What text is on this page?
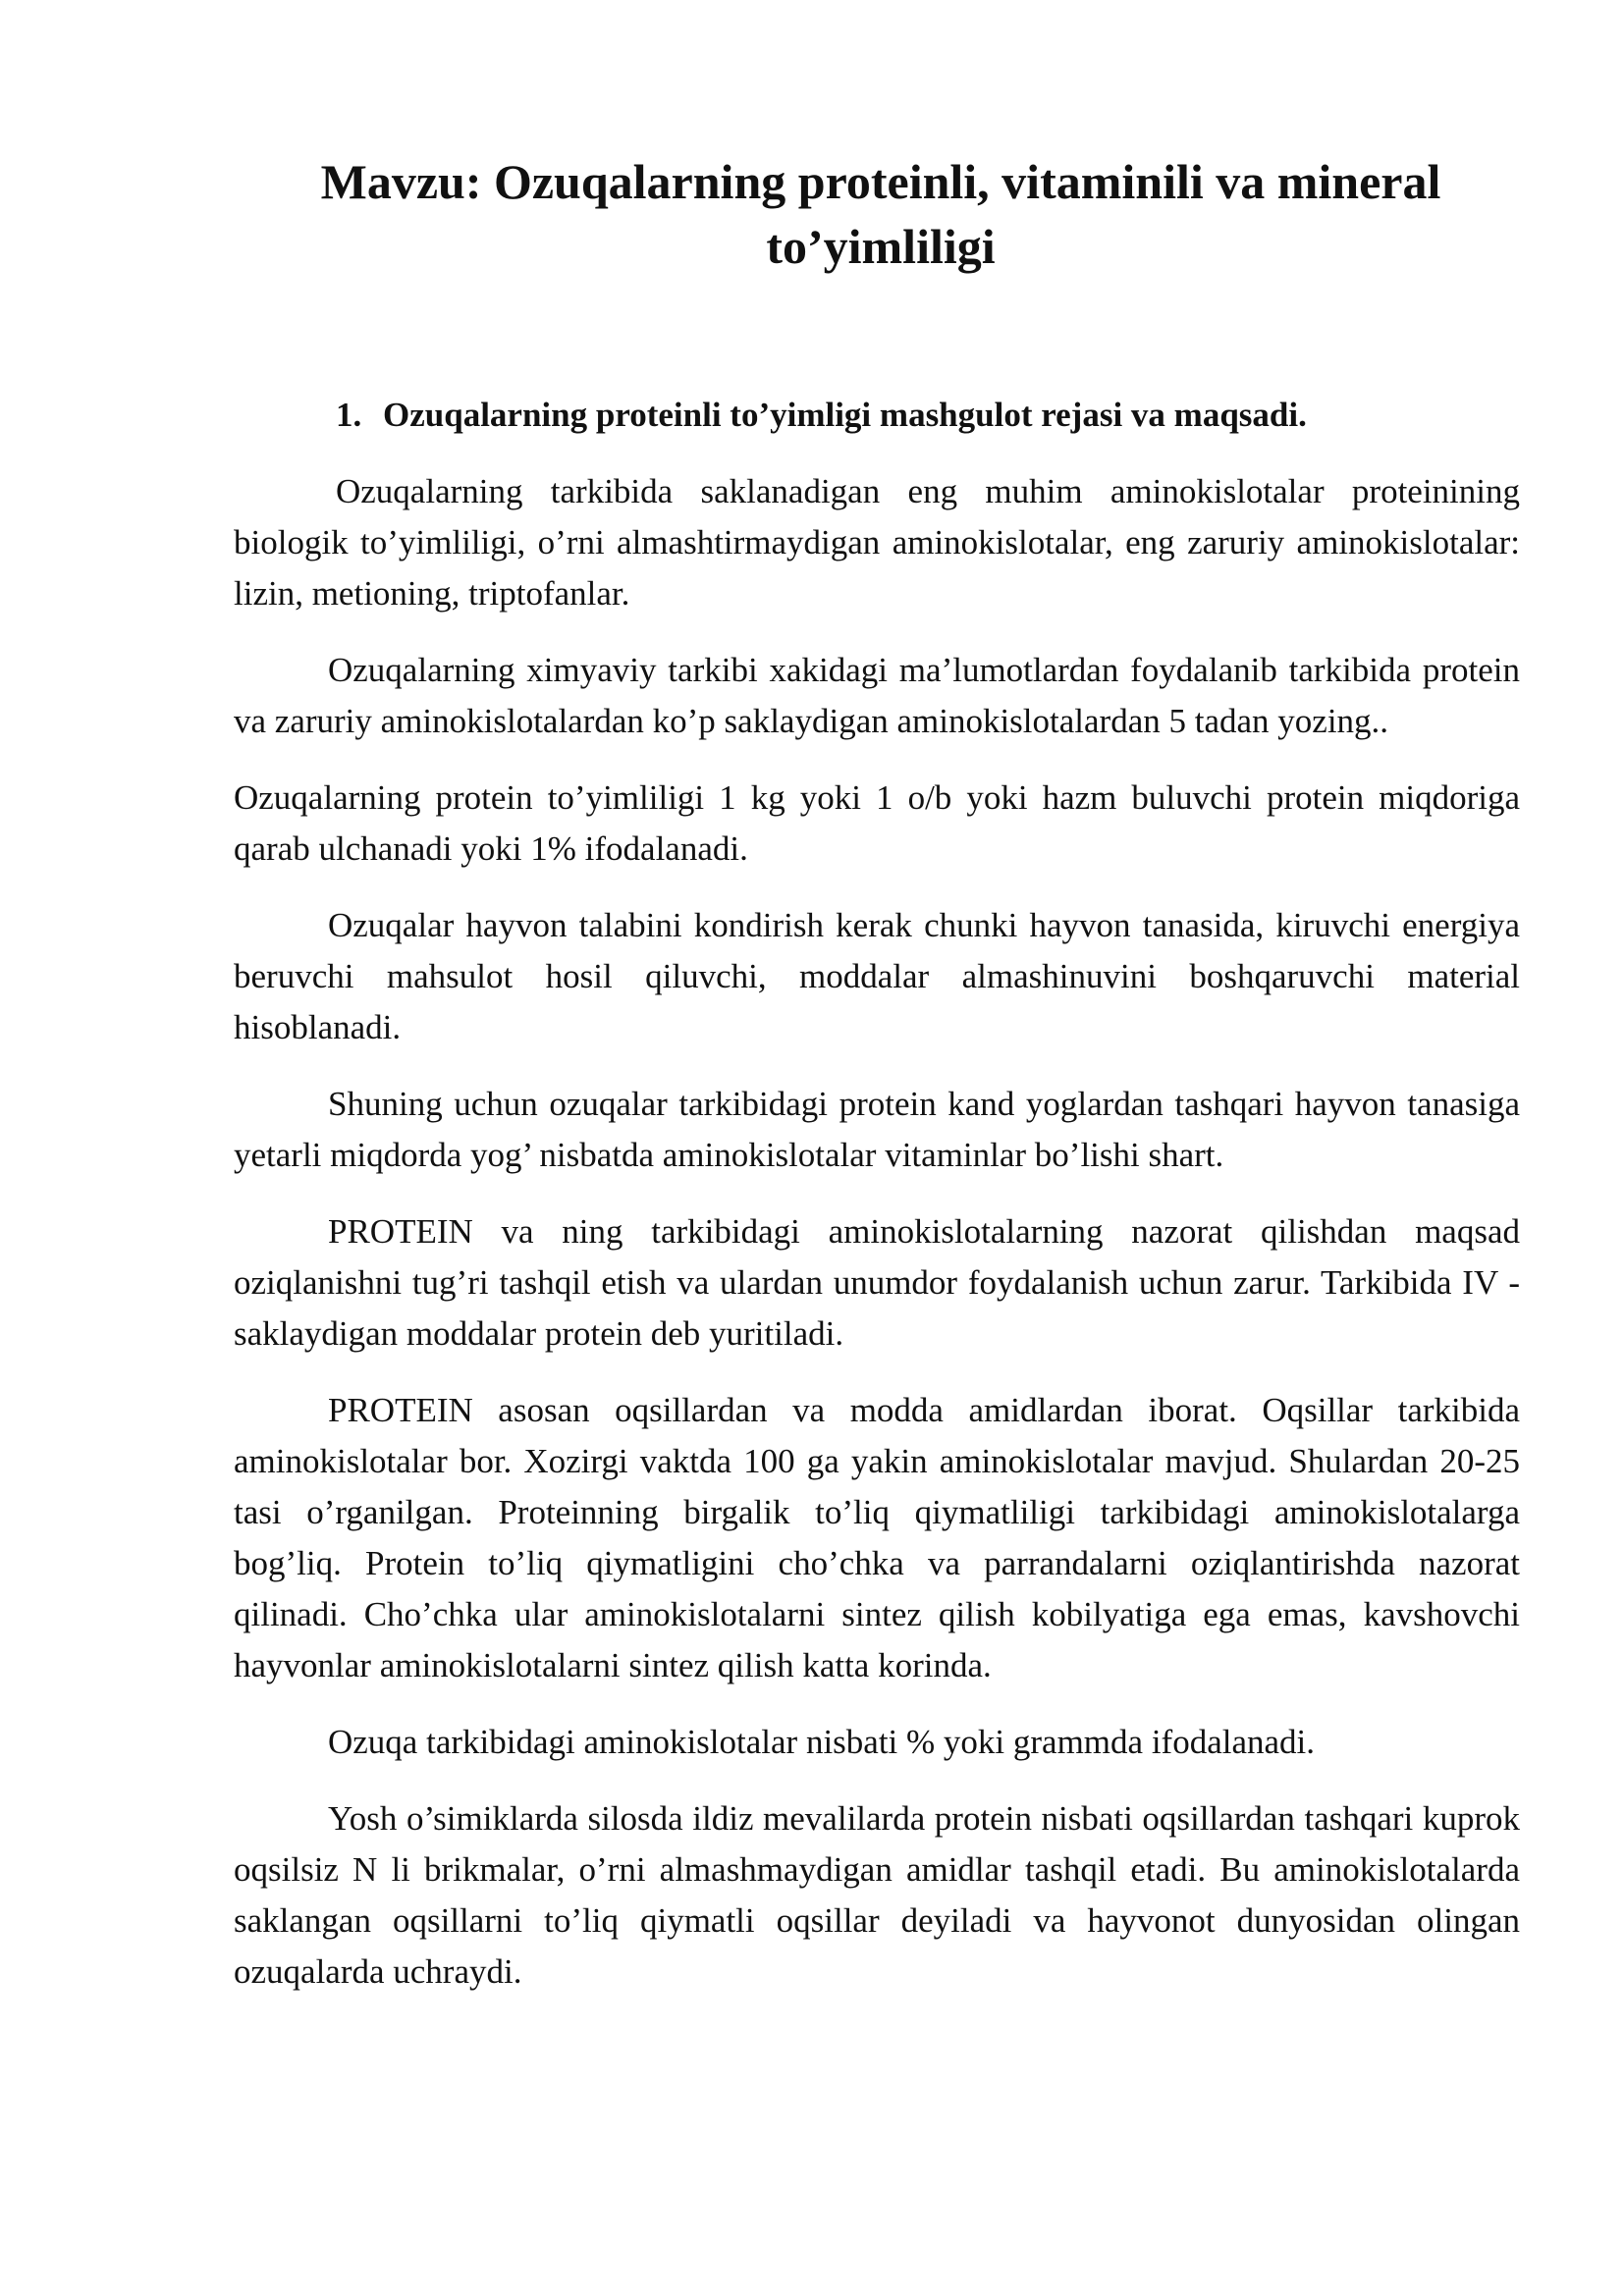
Mavzu: Ozuqalarning proteinli, vitaminili va mineral to’yimliligi
1. Ozuqalarning proteinli to’yimligi mashgulot rejasi va maqsadi.

Ozuqalarning tarkibida saklanadigan eng muhim aminokislotalar proteinining biologik to’yimliligi, o’rni almashtirmaydigan aminokislotalar, eng zaruriy aminokislotalar: lizin, metioning, triptofanlar.

Ozuqalarning ximyaviy tarkibi xakidagi ma’lumotlardan foydalanib tarkibida protein va zaruriy aminokislotalardan ko’p saklaydigan aminokislotalardan 5 tadan yozing..

Ozuqalarning protein to’yimliligi 1 kg yoki 1 o/b yoki hazm buluvchi protein miqdoriga qarab ulchanadi yoki 1% ifodalanadi.

Ozuqalar hayvon talabini kondirish kerak chunki hayvon tanasida, kiruvchi energiya beruvchi mahsulot hosil qiluvchi, moddalar almashinuvini boshqaruvchi material hisoblanadi.

Shuning uchun ozuqalar tarkibidagi protein kand yoglardan tashqari hayvon tanasiga yetarli miqdorda yog’ nisbatda aminokislotalar vitaminlar bo’lishi shart.

PROTEIN va ning tarkibidagi aminokislotalarning nazorat qilishdan maqsad oziqlanishni tug’ri tashqil etish va ulardan unumdor foydalanish uchun zarur. Tarkibida IV - saklaydigan moddalar protein deb yuritiladi.

PROTEIN asosan oqsillardan va modda amidlardan iborat. Oqsillar tarkibida aminokislotalar bor. Xozirgi vaktda 100 ga yakin aminokislotalar mavjud. Shulardan 20-25 tasi o’rganilgan. Proteinning birgalik to’liq qiymatliligi tarkibidagi aminokislotalarga bog’liq. Protein to’liq qiymatligini cho’chka va parrandalarni oziqlantirishda nazorat qilinadi. Cho’chka ular aminokislotalarni sintez qilish kobilyatiga ega emas, kavshovchi hayvonlar aminokislotalarni sintez qilish katta korinda.

Ozuqa tarkibidagi aminokislotalar nisbati % yoki grammda ifodalanadi.

Yosh o’simiklarda silosda ildiz mevalilarda protein nisbati oqsillardan tashqari kuprok oqsilsiz N li brikmalar, o’rni almashmaydigan amidlar tashqil etadi. Bu aminokislotalarda saklangan oqsillarni to’liq qiymatli oqsillar deyiladi va hayvonot dunyosidan olingan ozuqalarda uchraydi.
